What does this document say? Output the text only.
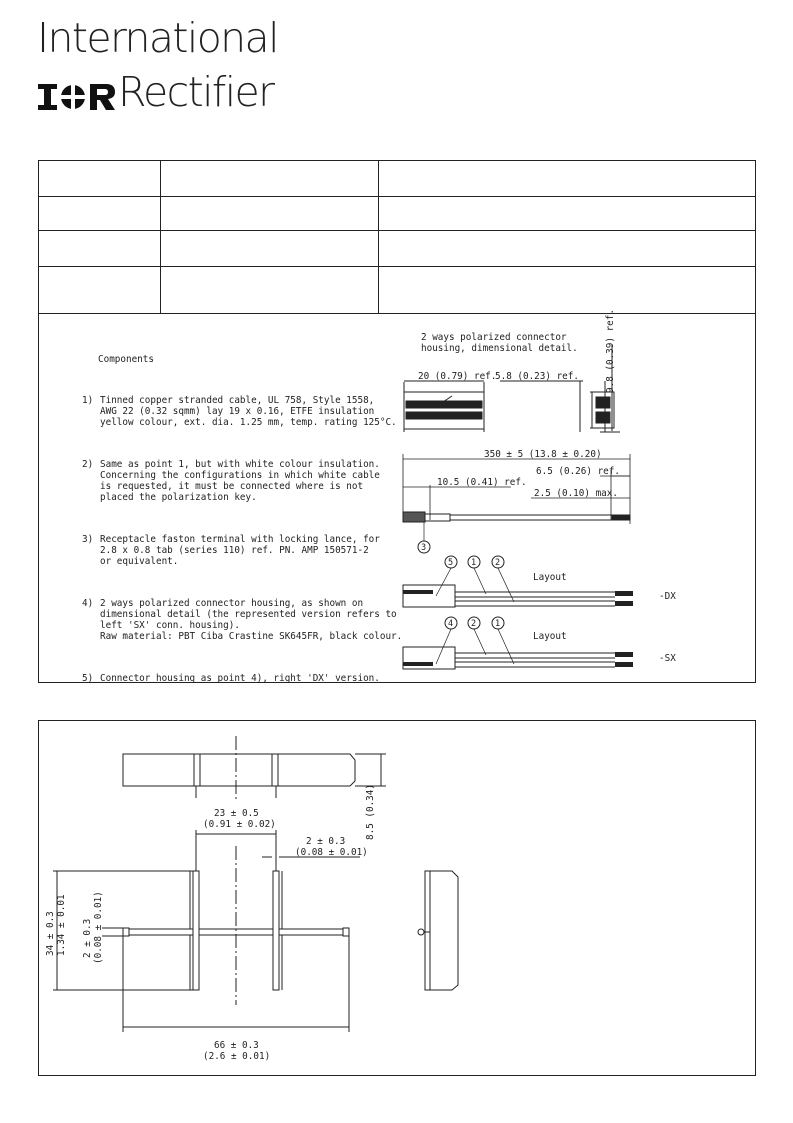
International
Rectifier

Components

1)

Tinned copper stranded cable, UL 758, Style 1558,
AWG 22 (0.32 sqmm) lay 19 x 0.16, ETFE insulation
yellow colour, ext. dia. 1.25 mm, temp. rating 125°C.

2)

Same as point 1, but with white colour insulation.
Concerning the configurations in which white cable
is requested, it must be connected where is not
placed the polarization key.

3)

Receptacle faston terminal with locking lance, for
2.8 x 0.8 tab (series 110) ref. PN. AMP 150571-2
or equivalent.

4)

2 ways polarized connector housing, as shown on
dimensional detail (the represented version refers to
left 'SX' conn. housing).
Raw material: PBT Ciba Crastine SK645FR, black colour.

5)

Connector housing as point 4), right 'DX' version.

2 ways polarized connector
housing, dimensional detail.
20 (0.79) ref.
5.8 (0.23) ref.	9.8 (0.39) ref.
350 ± 5 (13.8 ± 0.20)
6.5 (0.26) ref.
10.5 (0.41) ref.
2.5 (0.10) max.
3
Layout
5 1 2
-DX
Layout
4 2 1
-SX
8.5 (0.34)
23 ± 0.5
(0.91 ± 0.02)
2 ± 0.3
(0.08 ± 0.01)
66 ± 0.3
(2.6 ± 0.01)
34 ± 0.3 1.34 ± 0.01 2 ± 0.3 (0.08 ± 0.01)
